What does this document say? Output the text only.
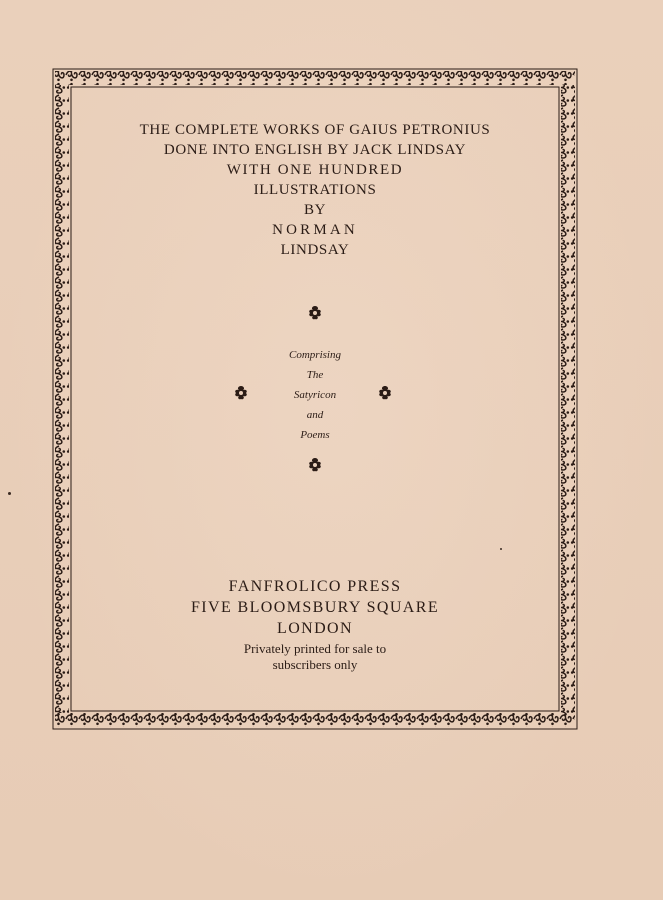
THE COMPLETE WORKS OF GAIUS PETRONIUS
DONE INTO ENGLISH BY JACK LINDSAY
WITH ONE HUNDRED
ILLUSTRATIONS
BY
NORMAN
LINDSAY
Comprising
The
Satyricon
and
Poems
FANFROLICO PRESS
FIVE BLOOMSBURY SQUARE
LONDON
Privately printed for sale to
subscribers only
